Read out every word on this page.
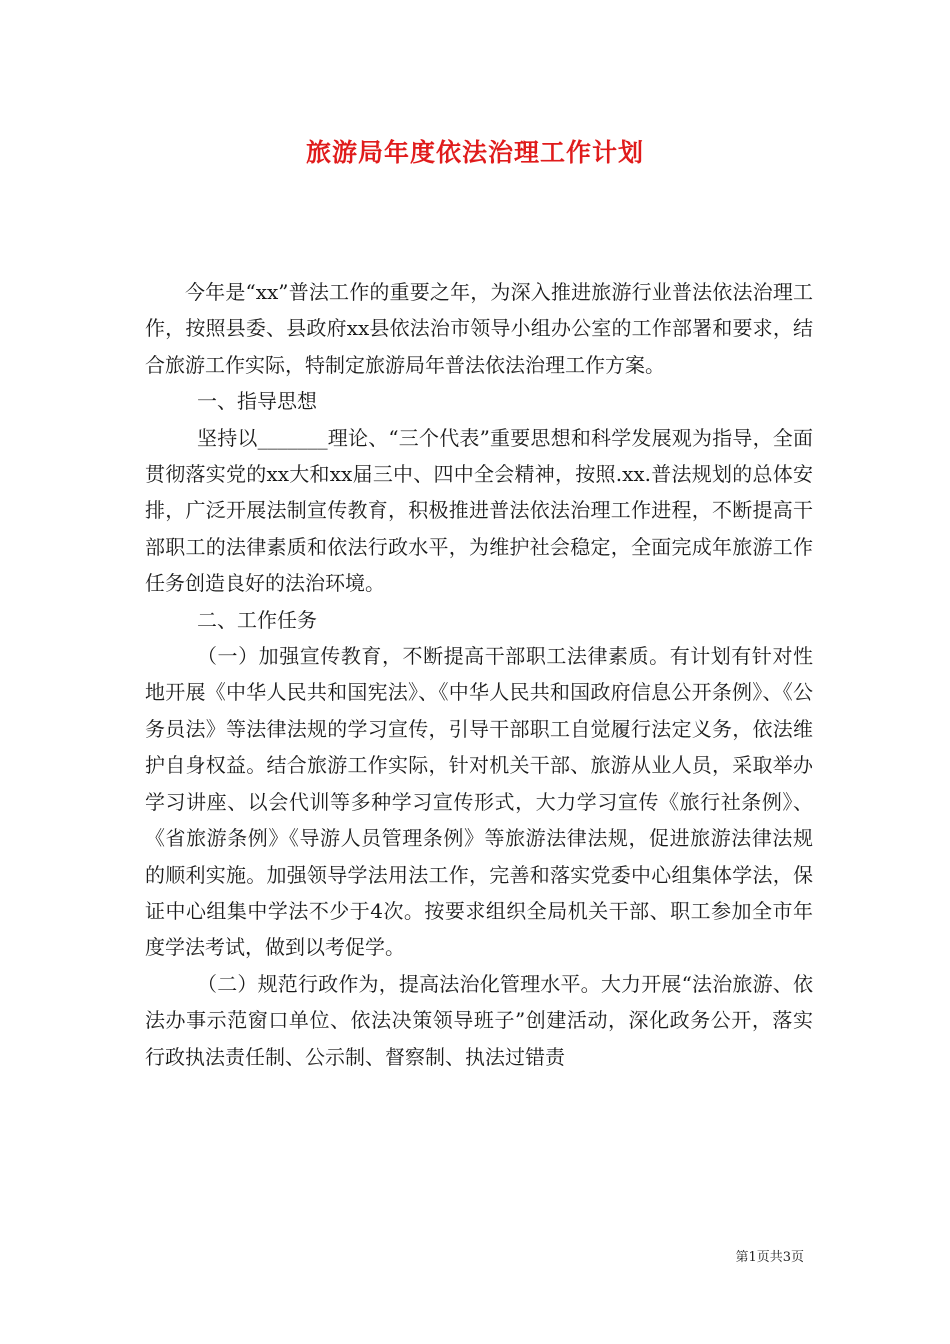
旅游局年度依法治理工作计划

今年是“xx”普法工作的重要之年，为深入推进旅游行业普法依法治理工作，按照县委、县政府xx县依法治市领导小组办公室的工作部署和要求，结合旅游工作实际，特制定旅游局年普法依法治理工作方案。

一、指导思想

坚持以_______理论、“三个代表”重要思想和科学发展观为指导，全面贯彻落实党的xx大和xx届三中、四中全会精神，按照.xx.普法规划的总体安排，广泛开展法制宣传教育，积极推进普法依法治理工作进程，不断提高干部职工的法律素质和依法行政水平，为维护社会稳定，全面完成年旅游工作任务创造良好的法治环境。

二、工作任务

（一）加强宣传教育，不断提高干部职工法律素质。有计划有针对性地开展《中华人民共和国宪法》、《中华人民共和国政府信息公开条例》、《公务员法》等法律法规的学习宣传，引导干部职工自觉履行法定义务，依法维护自身权益。结合旅游工作实际，针对机关干部、旅游从业人员，采取举办学习讲座、以会代训等多种学习宣传形式，大力学习宣传《旅行社条例》、《省旅游条例》《导游人员管理条例》等旅游法律法规，促进旅游法律法规的顺利实施。加强领导学法用法工作，完善和落实党委中心组集体学法，保证中心组集中学法不少于4次。按要求组织全局机关干部、职工参加全市年度学法考试，做到以考促学。

（二）规范行政作为，提高法治化管理水平。大力开展“法治旅游、依法办事示范窗口单位、依法决策领导班子”创建活动，深化政务公开，落实行政执法责任制、公示制、督察制、执法过错责

第1页共3页
